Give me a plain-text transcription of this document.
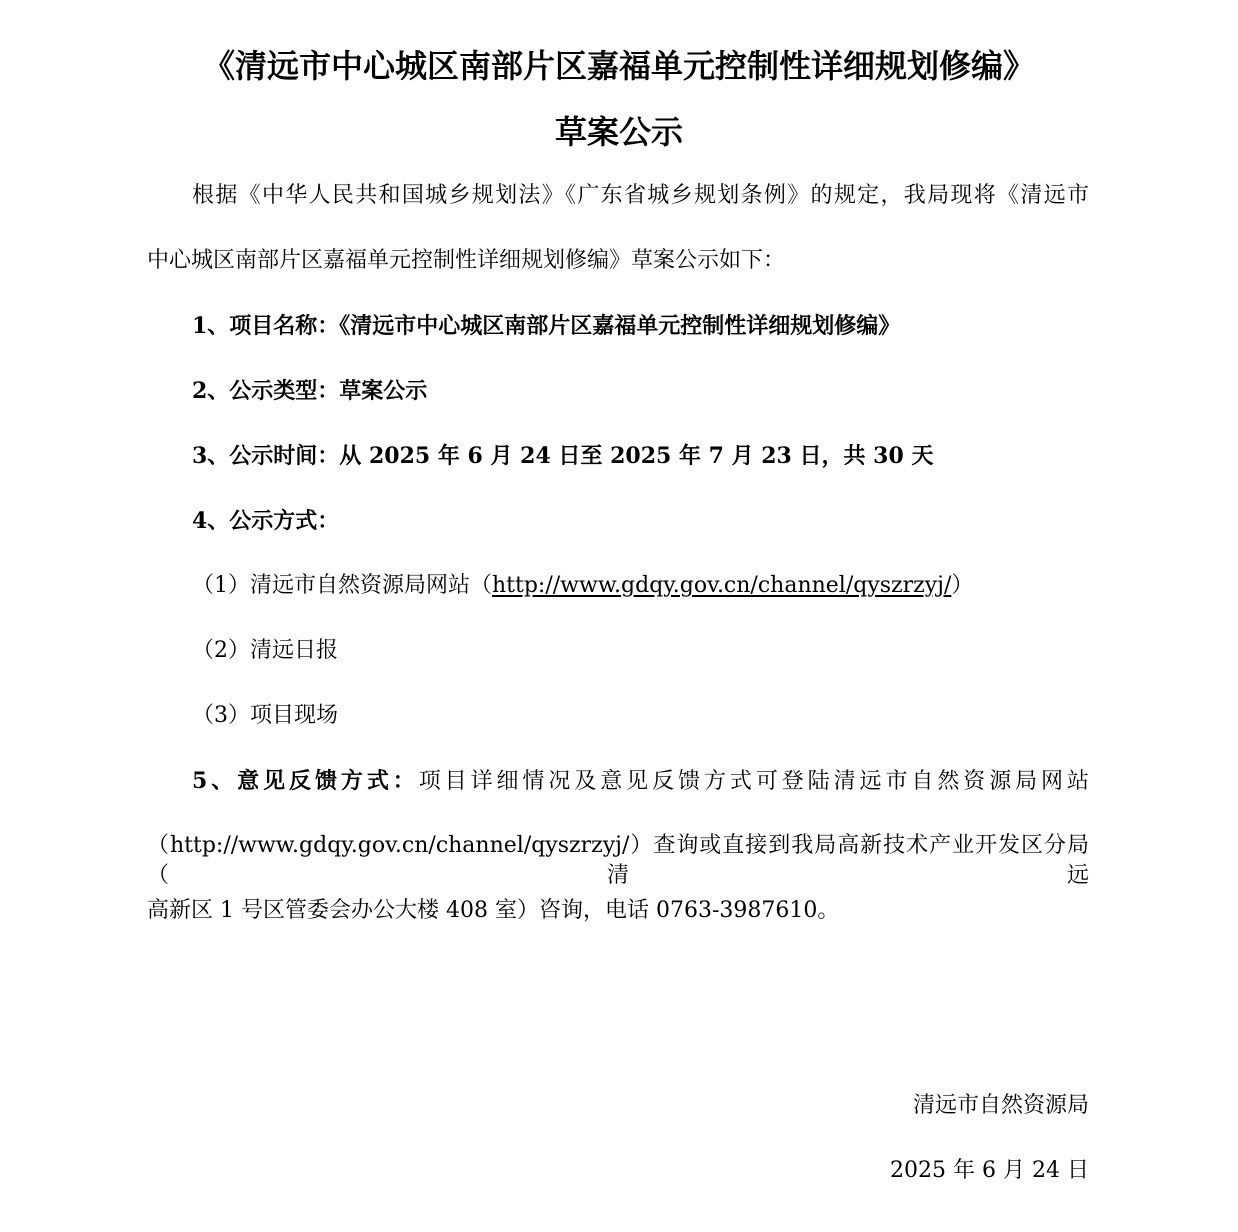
《清远市中心城区南部片区嘉福单元控制性详细规划修编》
草案公示

根据《中华人民共和国城乡规划法》《广东省城乡规划条例》的规定，我局现将《清远市

中心城区南部片区嘉福单元控制性详细规划修编》草案公示如下：

1、项目名称：《清远市中心城区南部片区嘉福单元控制性详细规划修编》

2、公示类型：草案公示

3、公示时间：从 2025 年 6 月 24 日至 2025 年 7 月 23 日，共 30 天

4、公示方式：

（1）清远市自然资源局网站（http://www.gdqy.gov.cn/channel/qyszrzyj/）

（2）清远日报

（3）项目现场

5、意见反馈方式：项目详细情况及意见反馈方式可登陆清远市自然资源局网站

（http://www.gdqy.gov.cn/channel/qyszrzyj/）查询或直接到我局高新技术产业开发区分局（清远

高新区 1 号区管委会办公大楼 408 室）咨询，电话 0763-3987610。

清远市自然资源局

2025 年 6 月 24 日
